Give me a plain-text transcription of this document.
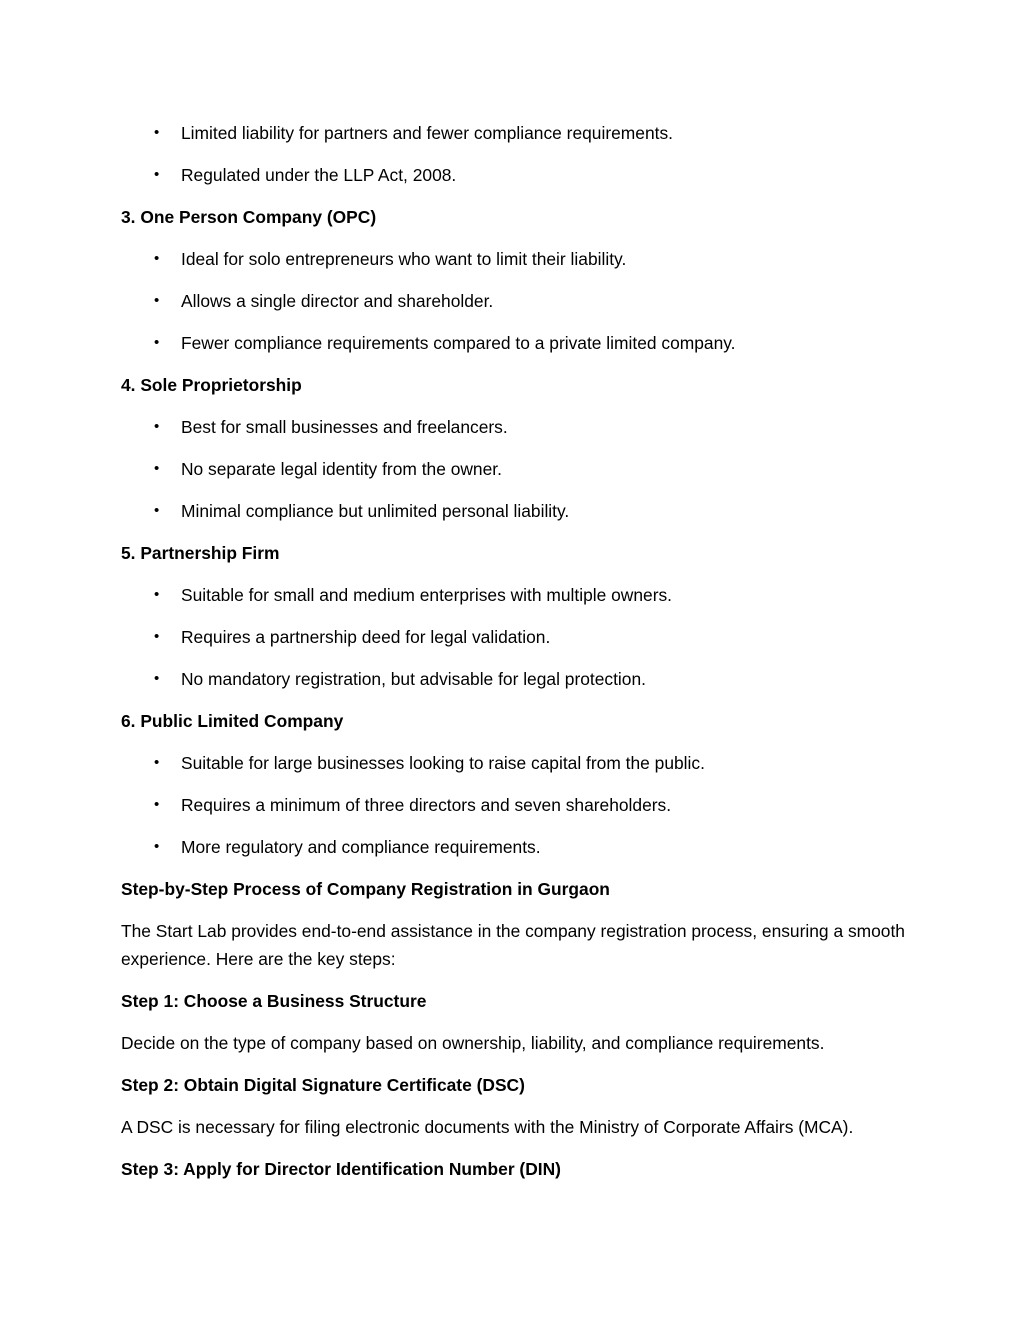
• Limited liability for partners and fewer compliance requirements.
• Regulated under the LLP Act, 2008.
3. One Person Company (OPC)
• Ideal for solo entrepreneurs who want to limit their liability.
• Allows a single director and shareholder.
• Fewer compliance requirements compared to a private limited company.
4. Sole Proprietorship
• Best for small businesses and freelancers.
• No separate legal identity from the owner.
• Minimal compliance but unlimited personal liability.
5. Partnership Firm
• Suitable for small and medium enterprises with multiple owners.
• Requires a partnership deed for legal validation.
• No mandatory registration, but advisable for legal protection.
6. Public Limited Company
• Suitable for large businesses looking to raise capital from the public.
• Requires a minimum of three directors and seven shareholders.
• More regulatory and compliance requirements.
Step-by-Step Process of Company Registration in Gurgaon
The Start Lab provides end-to-end assistance in the company registration process, ensuring a smooth experience. Here are the key steps:
Step 1: Choose a Business Structure
Decide on the type of company based on ownership, liability, and compliance requirements.
Step 2: Obtain Digital Signature Certificate (DSC)
A DSC is necessary for filing electronic documents with the Ministry of Corporate Affairs (MCA).
Step 3: Apply for Director Identification Number (DIN)
